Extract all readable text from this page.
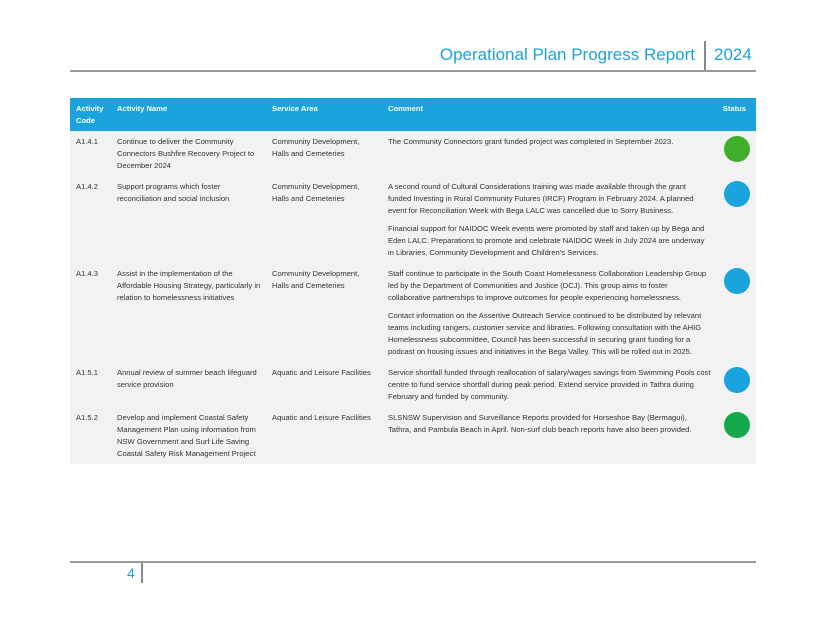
Operational Plan Progress Report 2024
Activity Code	Activity Name	Service Area	Comment	Status
A1.4.1	Continue to deliver the Community Connectors Bushfire Recovery Project to December 2024	Community Development, Halls and Cemeteries	The Community Connectors grant funded project was completed in September 2023.	

A1.4.2	Support programs which foster reconciliation and social inclusion	Community Development, Halls and Cemeteries	A second round of Cultural Considerations training was made available through the grant funded Investing in Rural Community Futures (IRCF) Program in February 2024. A planned event for Reconciliation Week with Bega LALC was cancelled due to Sorry Business.

Financial support for NAIDOC Week events were promoted by staff and taken up by Bega and Eden LALC. Preparations to promote and celebrate NAIDOC Week in July 2024 are underway in Libraries, Community Development and Children's Services.	

A1.4.3	Assist in the implementation of the Affordable Housing Strategy, particularly in relation to homelessness initiatives	Community Development, Halls and Cemeteries	Staff continue to participate in the South Coast Homelessness Collaboration Leadership Group led by the Department of Communities and Justice (DCJ). This group aims to foster collaborative partnerships to improve outcomes for people experiencing homelessness.

Contact information on the Assertive Outreach Service continued to be distributed by relevant teams including rangers, customer service and libraries. Following consultation with the AHIG Homelessness subcommittee, Council has been successful in securing grant funding for a podcast on housing issues and initiatives in the Bega Valley. This will be rolled out in 2025.	

A1.5.1	Annual review of summer beach lifeguard service provision	Aquatic and Leisure Facilities	Service shortfall funded through reallocation of salary/wages savings from Swimming Pools cost centre to fund service shortfall during peak period. Extend service provided in Tathra during February and funded by community.	

A1.5.2	Develop and implement Coastal Safety Management Plan using information from NSW Government and Surf Life Saving Coastal Safety Risk Management Project	Aquatic and Leisure Facilities	SLSNSW Supervision and Surveillance Reports provided for Horseshoe Bay (Bermagui), Tathra, and Pambula Beach in April. Non-surf club beach reports have also been provided.	

4
